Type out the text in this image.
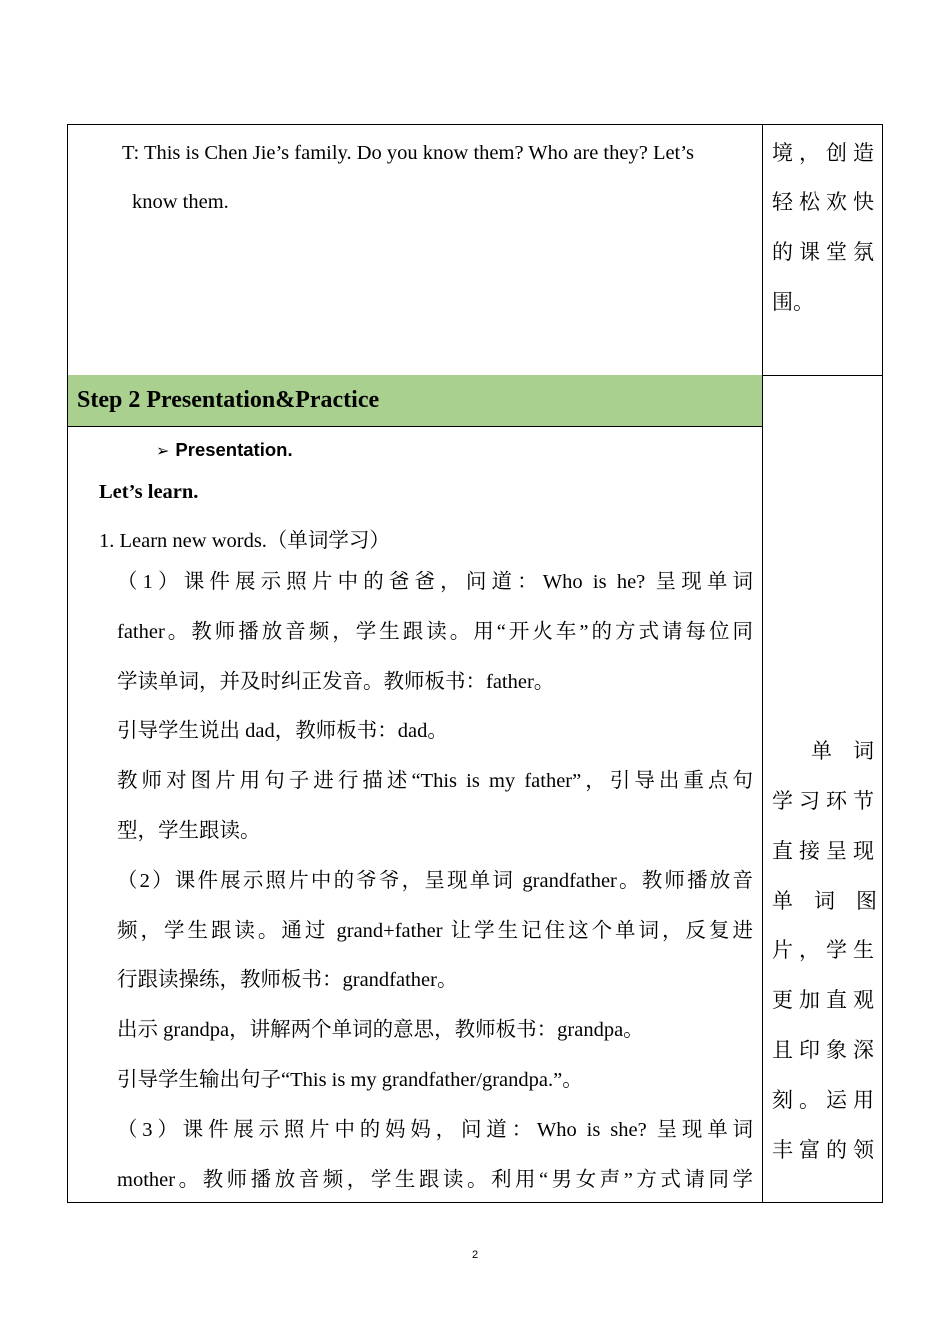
Step 2 Presentation&Practice
T: This is Chen Jie’s family. Do you know them? Who are they? Let’s
know them.
境，创造
轻松欢快
的课堂氛
围。
➢ Presentation.
Let’s learn.
1. Learn new words.（单词学习）
（1）课件展示照片中的爸爸，问道：Who is he? 呈现单词
father。教师播放音频，学生跟读。用“开火车”的方式请每位同
学读单词，并及时纠正发音。教师板书：father。
引导学生说出 dad，教师板书：dad。
教师对图片用句子进行描述“This is my father”，引导出重点句
型，学生跟读。
（2）课件展示照片中的爷爷，呈现单词 grandfather。教师播放音
频，学生跟读。通过 grand+father 让学生记住这个单词，反复进
行跟读操练，教师板书：grandfather。
出示 grandpa，讲解两个单词的意思，教师板书：grandpa。
引导学生输出句子“This is my grandfather/grandpa.”。
（3）课件展示照片中的妈妈，问道：Who is she? 呈现单词
mother。教师播放音频，学生跟读。利用“男女声”方式请同学
单　词
学习环节
直接呈现
单　词　图
片，学生
更加直观
且印象深
刻。运用
丰富的领
2
